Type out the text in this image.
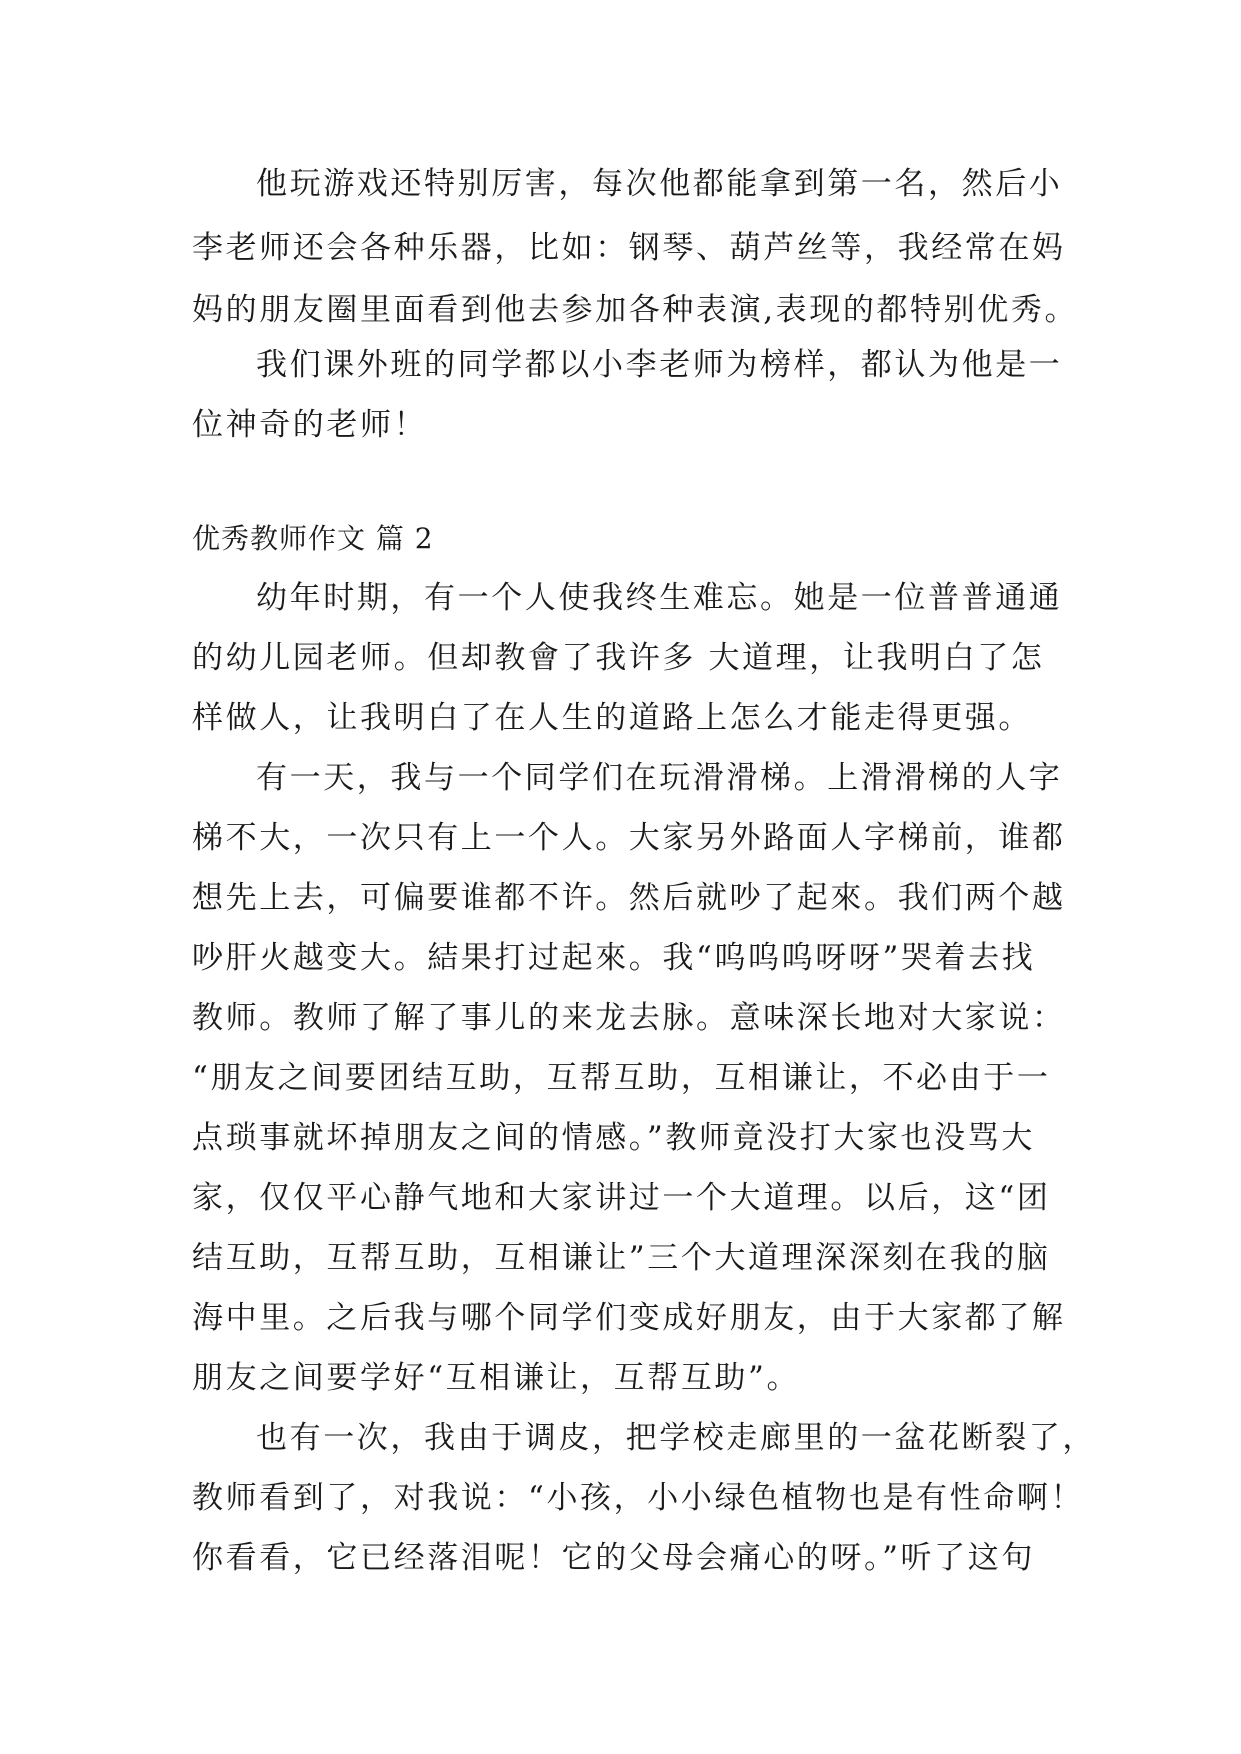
他玩游戏还特别厉害，每次他都能拿到第一名，然后小
李老师还会各种乐器，比如：钢琴、葫芦丝等，我经常在妈
妈的朋友圈里面看到他去参加各种表演,表现的都特别优秀。
我们课外班的同学都以小李老师为榜样，都认为他是一
位神奇的老师！
优秀教师作文 篇 2
幼年时期，有一个人使我终生难忘。她是一位普普通通
的幼儿园老师。但却教會了我许多 大道理，让我明白了怎
样做人，让我明白了在人生的道路上怎么才能走得更强。
有一天，我与一个同学们在玩滑滑梯。上滑滑梯的人字
梯不大，一次只有上一个人。大家另外路面人字梯前，谁都
想先上去，可偏要谁都不许。然后就吵了起來。我们两个越
吵肝火越变大。結果打过起來。我“呜呜呜呀呀”哭着去找
教师。教师了解了事儿的来龙去脉。意味深长地对大家说：
“朋友之间要团结互助，互帮互助，互相谦让，不必由于一
点琐事就坏掉朋友之间的情感。”教师竟没打大家也没骂大
家，仅仅平心静气地和大家讲过一个大道理。以后，这“团
结互助，互帮互助，互相谦让”三个大道理深深刻在我的脑
海中里。之后我与哪个同学们变成好朋友，由于大家都了解
朋友之间要学好“互相谦让，互帮互助”。
也有一次，我由于调皮，把学校走廊里的一盆花断裂了，
教师看到了，对我说：“小孩，小小绿色植物也是有性命啊！
你看看，它已经落泪呢！它的父母会痛心的呀。”听了这句
